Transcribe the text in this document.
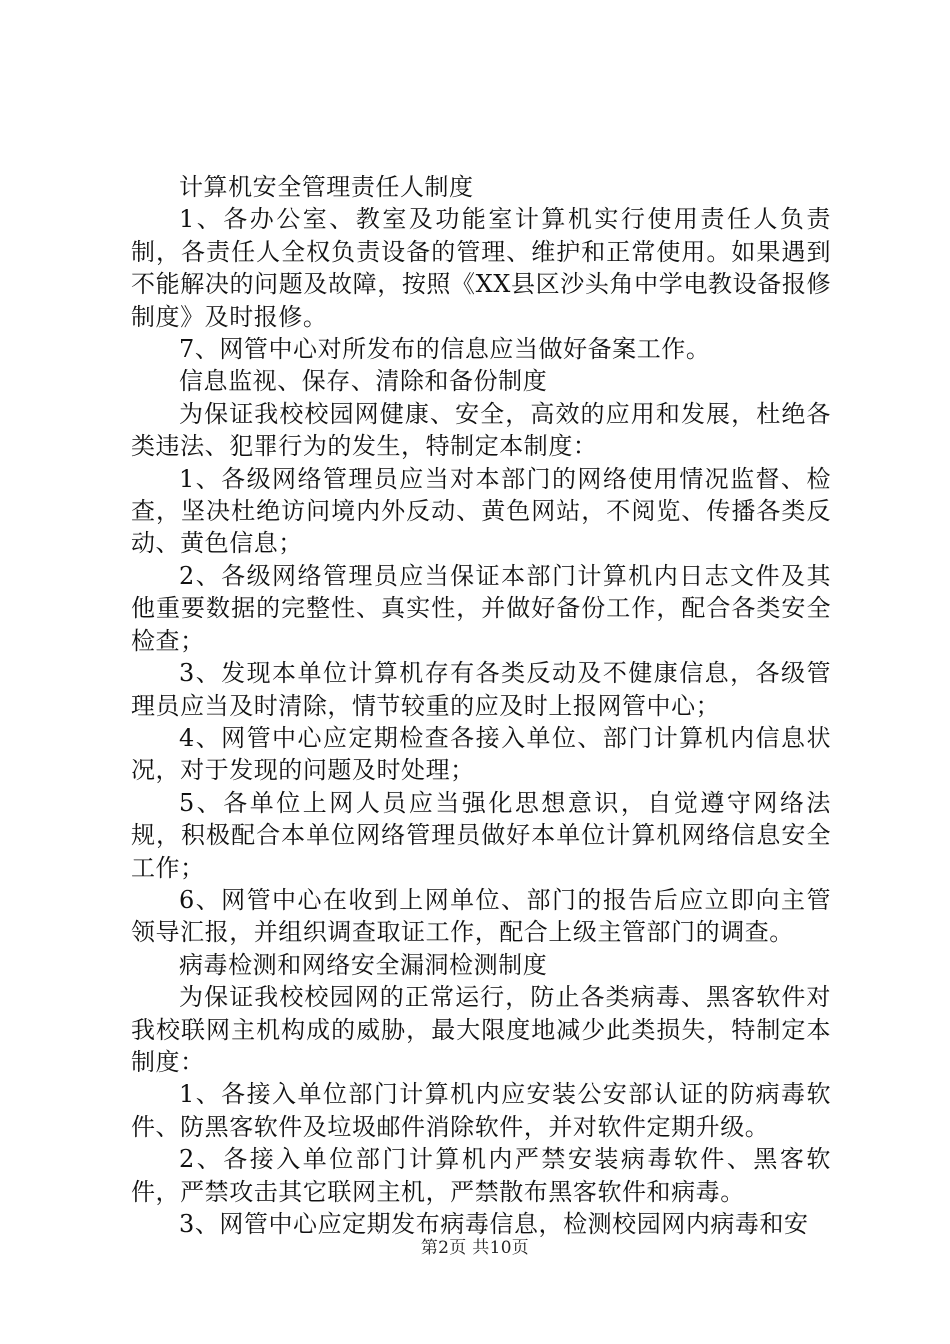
计算机安全管理责任人制度

1、各办公室、教室及功能室计算机实行使用责任人负责制，各责任人全权负责设备的管理、维护和正常使用。如果遇到不能解决的问题及故障，按照《XX县区沙头角中学电教设备报修制度》及时报修。

7、网管中心对所发布的信息应当做好备案工作。

信息监视、保存、清除和备份制度

为保证我校校园网健康、安全，高效的应用和发展，杜绝各类违法、犯罪行为的发生，特制定本制度：

1、各级网络管理员应当对本部门的网络使用情况监督、检查，坚决杜绝访问境内外反动、黄色网站，不阅览、传播各类反动、黄色信息；

2、各级网络管理员应当保证本部门计算机内日志文件及其他重要数据的完整性、真实性，并做好备份工作，配合各类安全检查；

3、发现本单位计算机存有各类反动及不健康信息，各级管理员应当及时清除，情节较重的应及时上报网管中心；

4、网管中心应定期检查各接入单位、部门计算机内信息状况，对于发现的问题及时处理；

5、各单位上网人员应当强化思想意识，自觉遵守网络法规，积极配合本单位网络管理员做好本单位计算机网络信息安全工作；

6、网管中心在收到上网单位、部门的报告后应立即向主管领导汇报，并组织调查取证工作，配合上级主管部门的调查。

病毒检测和网络安全漏洞检测制度

为保证我校校园网的正常运行，防止各类病毒、黑客软件对我校联网主机构成的威胁，最大限度地减少此类损失，特制定本制度：

1、各接入单位部门计算机内应安装公安部认证的防病毒软件、防黑客软件及垃圾邮件消除软件，并对软件定期升级。

2、各接入单位部门计算机内严禁安装病毒软件、黑客软件，严禁攻击其它联网主机，严禁散布黑客软件和病毒。

3、网管中心应定期发布病毒信息，检测校园网内病毒和安

第2页 共10页
